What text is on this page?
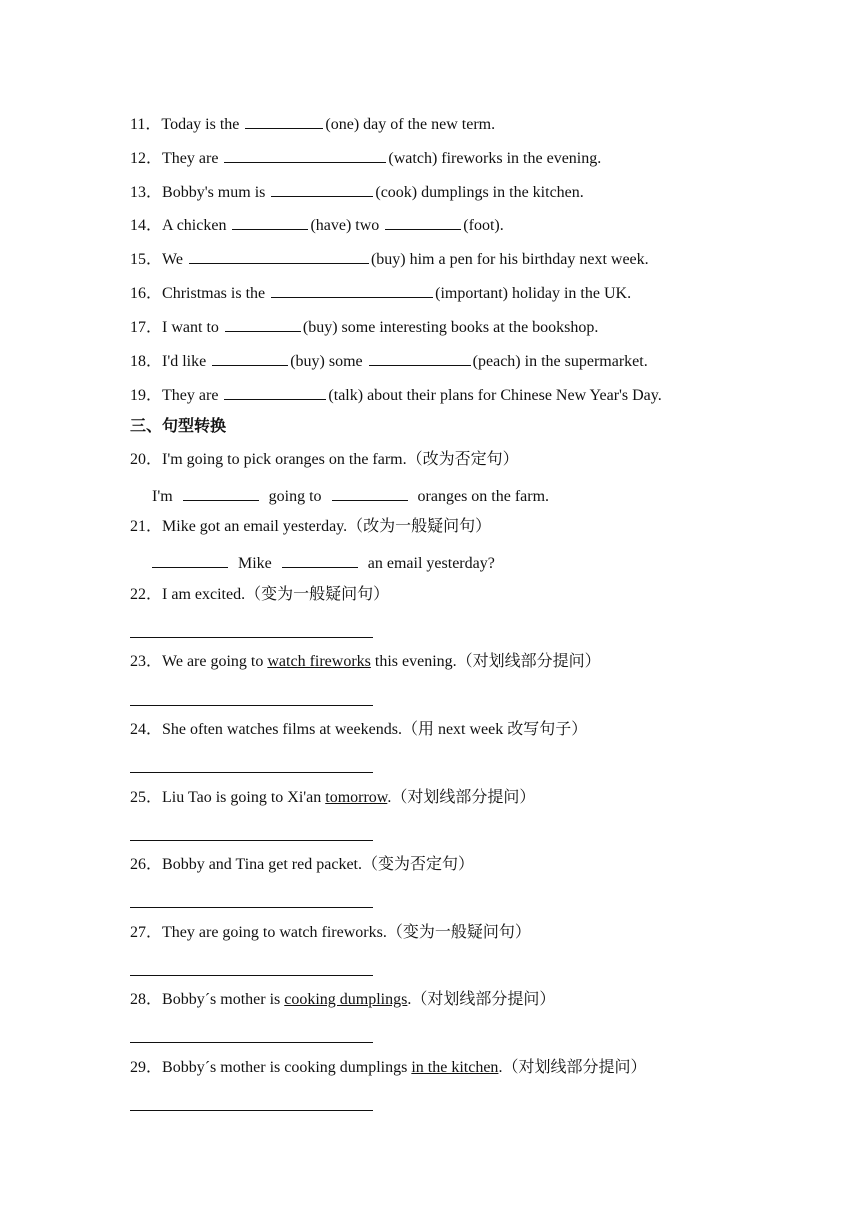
11．Today is the	(one) day of the new term.
12．They are	(watch) fireworks in the evening.
13．Bobby's mum is	(cook) dumplings in the kitchen.
14．A chicken	(have) two	(foot).
15．We	(buy) him a pen for his birthday next week.
16．Christmas is the	(important) holiday in the UK.
17．I want to	(buy) some interesting books at the bookshop.
18．I'd like	(buy) some	(peach) in the supermarket.
19．They are	(talk) about their plans for Chinese New Year's Day.
三、句型转换
20．I'm going to pick oranges on the farm.（改为否定句）
I'm	going to	oranges on the farm.
21．Mike got an email yesterday.（改为一般疑问句）
Mike	an email yesterday?
22．I am excited.（变为一般疑问句）
23．We are going to watch fireworks this evening.（对划线部分提问）
24．She often watches films at weekends.（用 next week 改写句子）
25．Liu Tao is going to Xi'an tomorrow.（对划线部分提问）
26．Bobby and Tina get red packet.（变为否定句）
27．They are going to watch fireworks.（变为一般疑问句）
28．Bobby´s mother is cooking dumplings.（对划线部分提问）
29．Bobby´s mother is cooking dumplings in the kitchen.（对划线部分提问）
